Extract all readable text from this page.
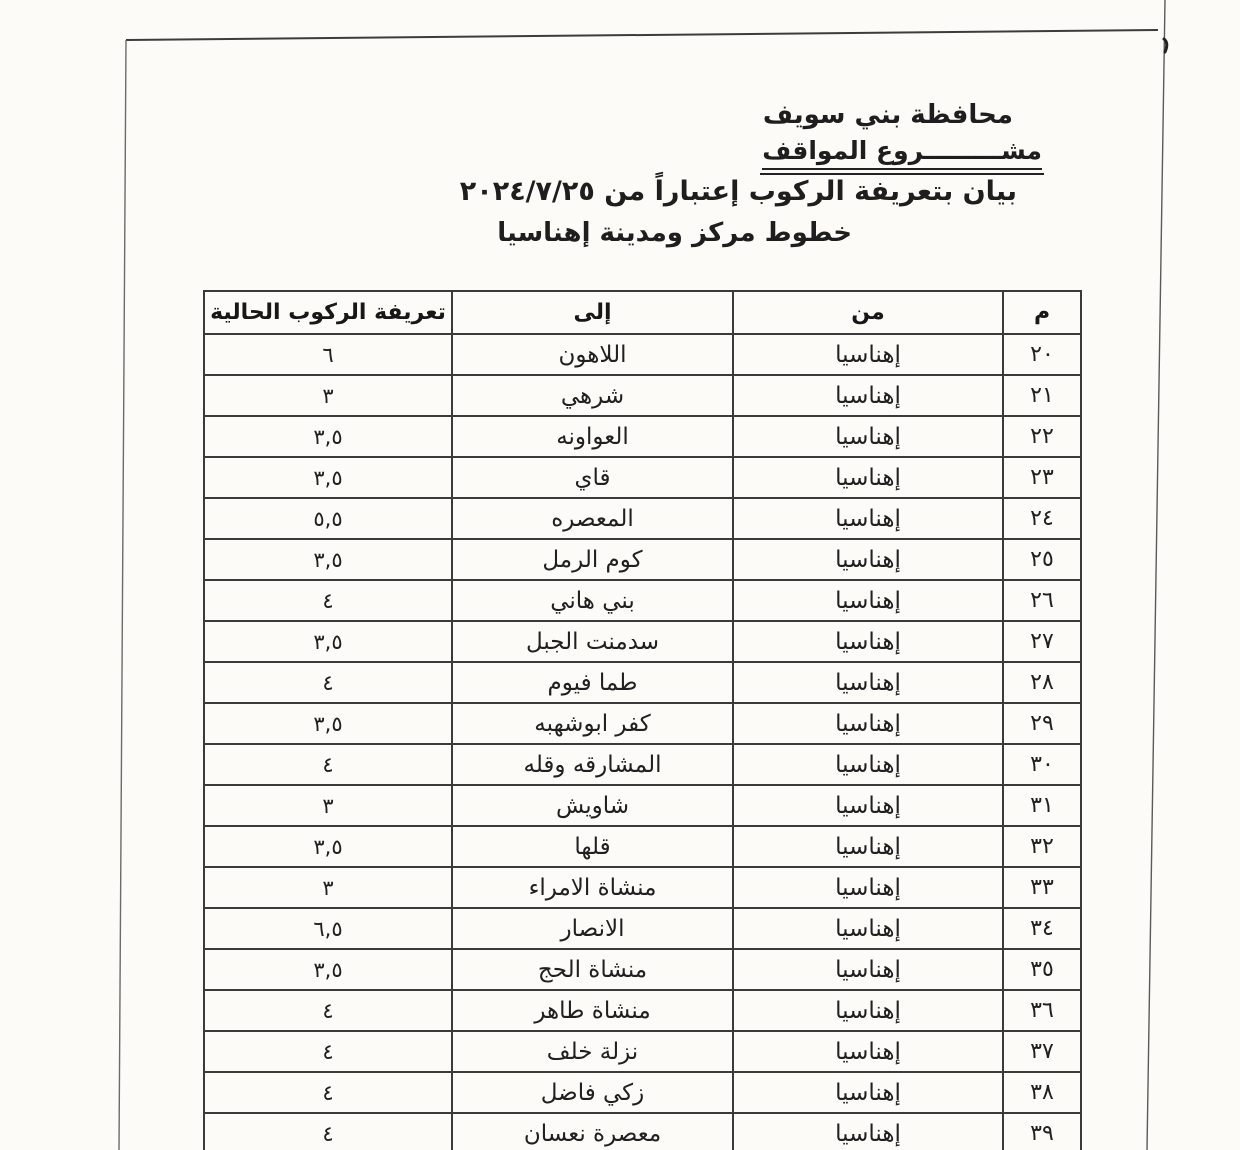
محافظة بني سويف
مشـــــــــروع المواقف
بيان بتعريفة الركوب إعتباراً من ٢٠٢٤/٧/٢٥
خطوط مركز ومدينة إهناسيا
م	من	إلى	تعريفة الركوب الحالية
٢٠	إهناسيا	اللاهون	٦
٢١	إهناسيا	شرهي	٣
٢٢	إهناسيا	العواونه	٣,٥
٢٣	إهناسيا	قاي	٣,٥
٢٤	إهناسيا	المعصره	٥,٥
٢٥	إهناسيا	كوم الرمل	٣,٥
٢٦	إهناسيا	بني هاني	٤
٢٧	إهناسيا	سدمنت الجبل	٣,٥
٢٨	إهناسيا	طما فيوم	٤
٢٩	إهناسيا	كفر ابوشهبه	٣,٥
٣٠	إهناسيا	المشارقه وقله	٤
٣١	إهناسيا	شاويش	٣
٣٢	إهناسيا	قلها	٣,٥
٣٣	إهناسيا	منشاة الامراء	٣
٣٤	إهناسيا	الانصار	٦,٥
٣٥	إهناسيا	منشاة الحج	٣,٥
٣٦	إهناسيا	منشاة طاهر	٤
٣٧	إهناسيا	نزلة خلف	٤
٣٨	إهناسيا	زكي فاضل	٤
٣٩	إهناسيا	معصرة نعسان	٤
